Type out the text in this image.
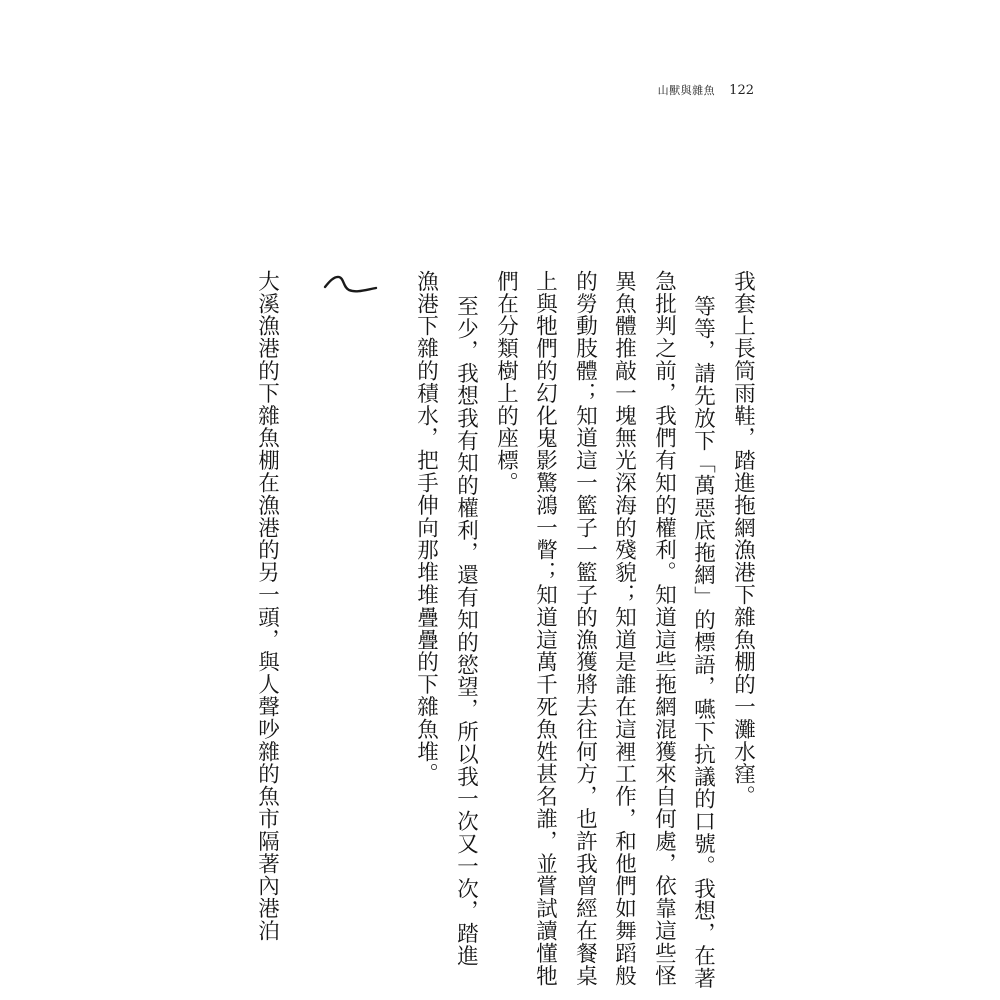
山獸與雜魚 122
我套上長筒雨鞋，踏進拖網漁港下雜魚棚的一灘水窪。
等等，請先放下「萬惡底拖網」的標語，嚥下抗議的口號。我想，在著
急批判之前，我們有知的權利。知道這些拖網混獲來自何處，依靠這些怪
異魚體推敲一塊無光深海的殘貌；知道是誰在這裡工作，和他們如舞蹈般
的勞動肢體；知道這一籃子一籃子的漁獲將去往何方，也許我曾經在餐桌
上與牠們的幻化鬼影驚鴻一瞥；知道這萬千死魚姓甚名誰，並嘗試讀懂牠
們在分類樹上的座標。
至少，我想我有知的權利，還有知的慾望，所以我一次又一次，踏進
漁港下雜的積水，把手伸向那堆堆疊疊的下雜魚堆。
大溪漁港的下雜魚棚在漁港的另一頭，與人聲吵雜的魚市隔著內港泊
